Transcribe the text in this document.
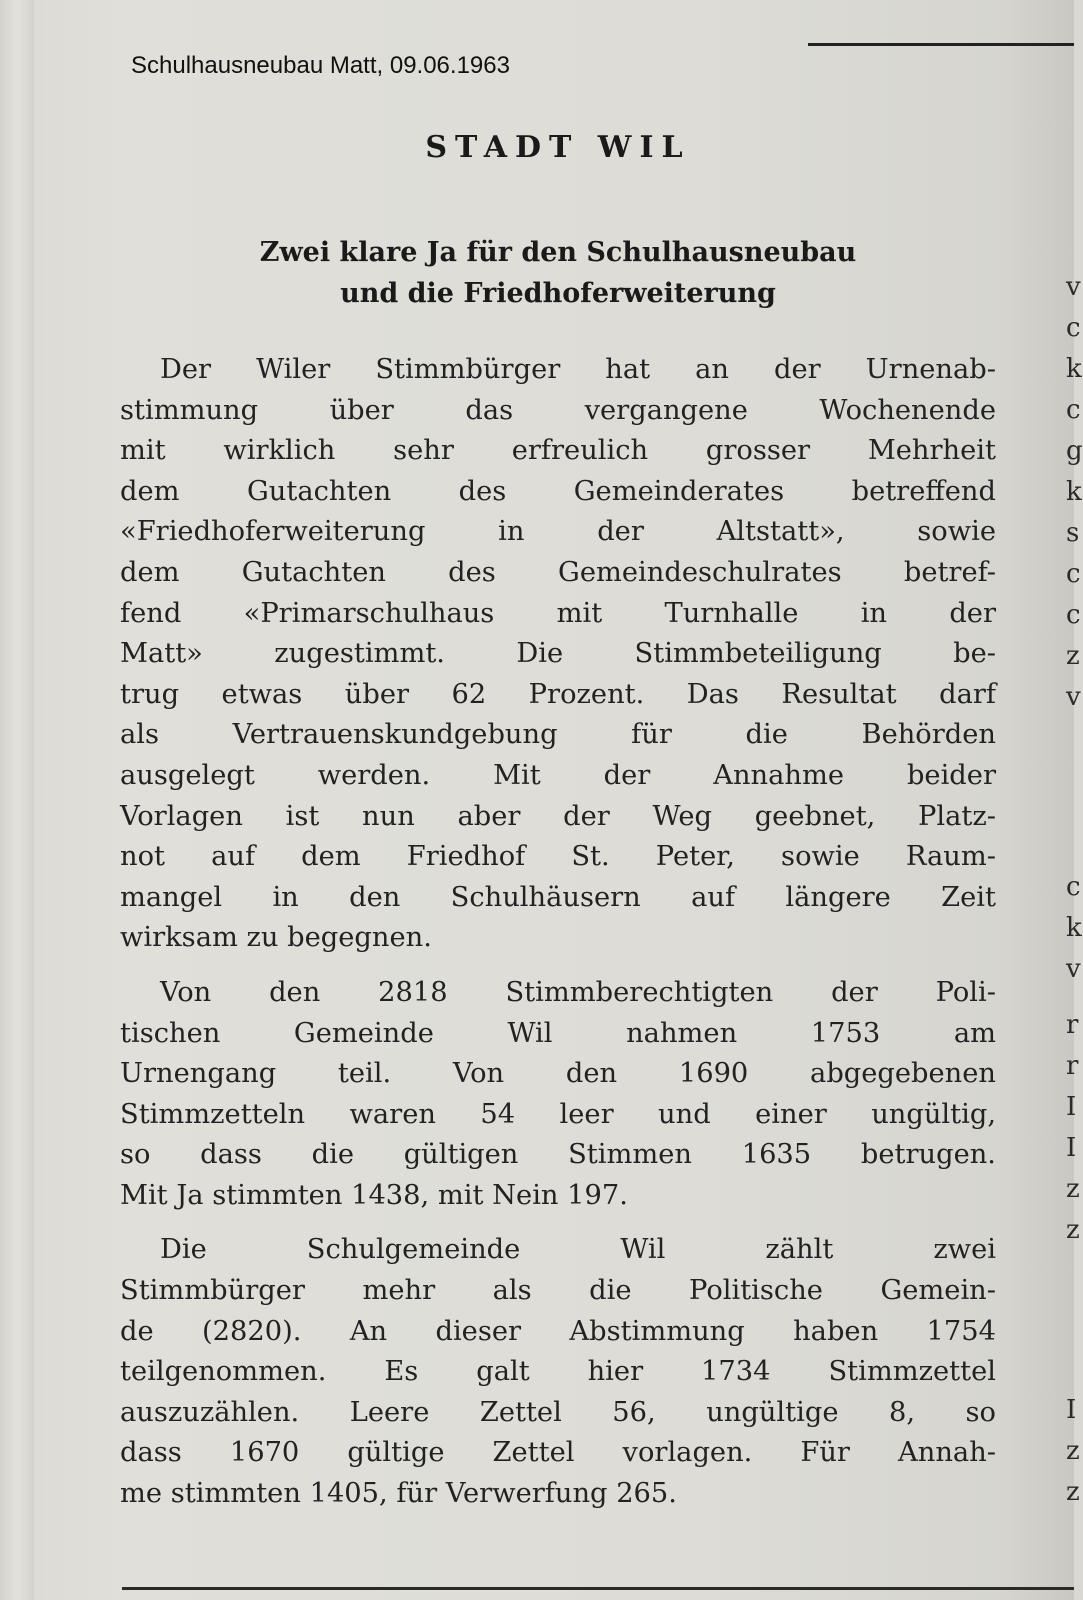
Schulhausneubau Matt, 09.06.1963
STADT WIL
Zwei klare Ja für den Schulhausneubau
und die Friedhoferweiterung
Der Wiler Stimmbürger hat an der Urnenab-
stimmung über das vergangene Wochenende
mit wirklich sehr erfreulich grosser Mehrheit
dem Gutachten des Gemeinderates betreffend
«Friedhoferweiterung in der Altstatt», sowie
dem Gutachten des Gemeindeschulrates betref-
fend «Primarschulhaus mit Turnhalle in der
Matt» zugestimmt. Die Stimmbeteiligung be-
trug etwas über 62 Prozent. Das Resultat darf
als Vertrauenskundgebung für die Behörden
ausgelegt werden. Mit der Annahme beider
Vorlagen ist nun aber der Weg geebnet, Platz-
not auf dem Friedhof St. Peter, sowie Raum-
mangel in den Schulhäusern auf längere Zeit
wirksam zu begegnen.
Von den 2818 Stimmberechtigten der Poli-
tischen Gemeinde Wil nahmen 1753 am
Urnengang teil. Von den 1690 abgegebenen
Stimmzetteln waren 54 leer und einer ungültig,
so dass die gültigen Stimmen 1635 betrugen.
Mit Ja stimmten 1438, mit Nein 197.
Die Schulgemeinde Wil zählt zwei
Stimmbürger mehr als die Politische Gemein-
de (2820). An dieser Abstimmung haben 1754
teilgenommen. Es galt hier 1734 Stimmzettel
auszuzählen. Leere Zettel 56, ungültige 8, so
dass 1670 gültige Zettel vorlagen. Für Annah-
me stimmten 1405, für Verwerfung 265.
v
c
k
c
g
k
s
c
c
z
v
c
k
v
r
r
I
I
z
z
I
z
z
